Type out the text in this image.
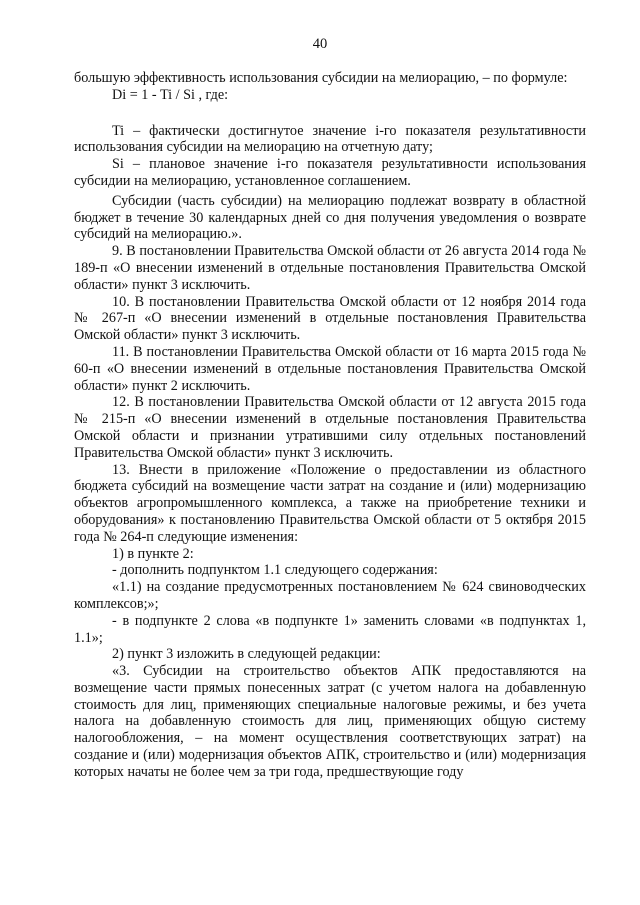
40

большую эффективность использования субсидии на мелиорацию, – по формуле:

Di = 1 - Ti / Si , где:

Ti – фактически достигнутое значение i-го показателя результативности использования субсидии на мелиорацию на отчетную дату;

Si – плановое значение i-го показателя результативности использования субсидии на мелиорацию, установленное соглашением.

Субсидии (часть субсидии) на мелиорацию подлежат возврату в областной бюджет в течение 30 календарных дней со дня получения уведомления о возврате субсидий на мелиорацию.».

9. В постановлении Правительства Омской области от 26 августа 2014 года № 189-п «О внесении изменений в отдельные постановления Правительства Омской области» пункт 3 исключить.

10. В постановлении Правительства Омской области от 12 ноября 2014 года № 267-п «О внесении изменений в отдельные постановления Правительства Омской области» пункт 3 исключить.

11. В постановлении Правительства Омской области от 16 марта 2015 года № 60-п «О внесении изменений в отдельные постановления Правительства Омской области» пункт 2 исключить.

12. В постановлении Правительства Омской области от 12 августа 2015 года № 215-п «О внесении изменений в отдельные постановления Правительства Омской области и признании утратившими силу отдельных постановлений Правительства Омской области» пункт 3 исключить.

13. Внести в приложение «Положение о предоставлении из областного бюджета субсидий на возмещение части затрат на создание и (или) модернизацию объектов агропромышленного комплекса, а также на приобретение техники и оборудования» к постановлению Правительства Омской области от 5 октября 2015 года № 264-п следующие изменения:

1) в пункте 2:

- дополнить подпунктом 1.1 следующего содержания:

«1.1) на создание предусмотренных постановлением № 624 свиноводческих комплексов;»;

- в подпункте 2 слова «в подпункте 1» заменить словами «в подпунктах 1, 1.1»;

2) пункт 3 изложить в следующей редакции:

«3. Субсидии на строительство объектов АПК предоставляются на возмещение части прямых понесенных затрат (с учетом налога на добавленную стоимость для лиц, применяющих специальные налоговые режимы, и без учета налога на добавленную стоимость для лиц, применяющих общую систему налогообложения, – на момент осуществления соответствующих затрат) на создание и (или) модернизация объектов АПК, строительство и (или) модернизация которых начаты не более чем за три года, предшествующие году
